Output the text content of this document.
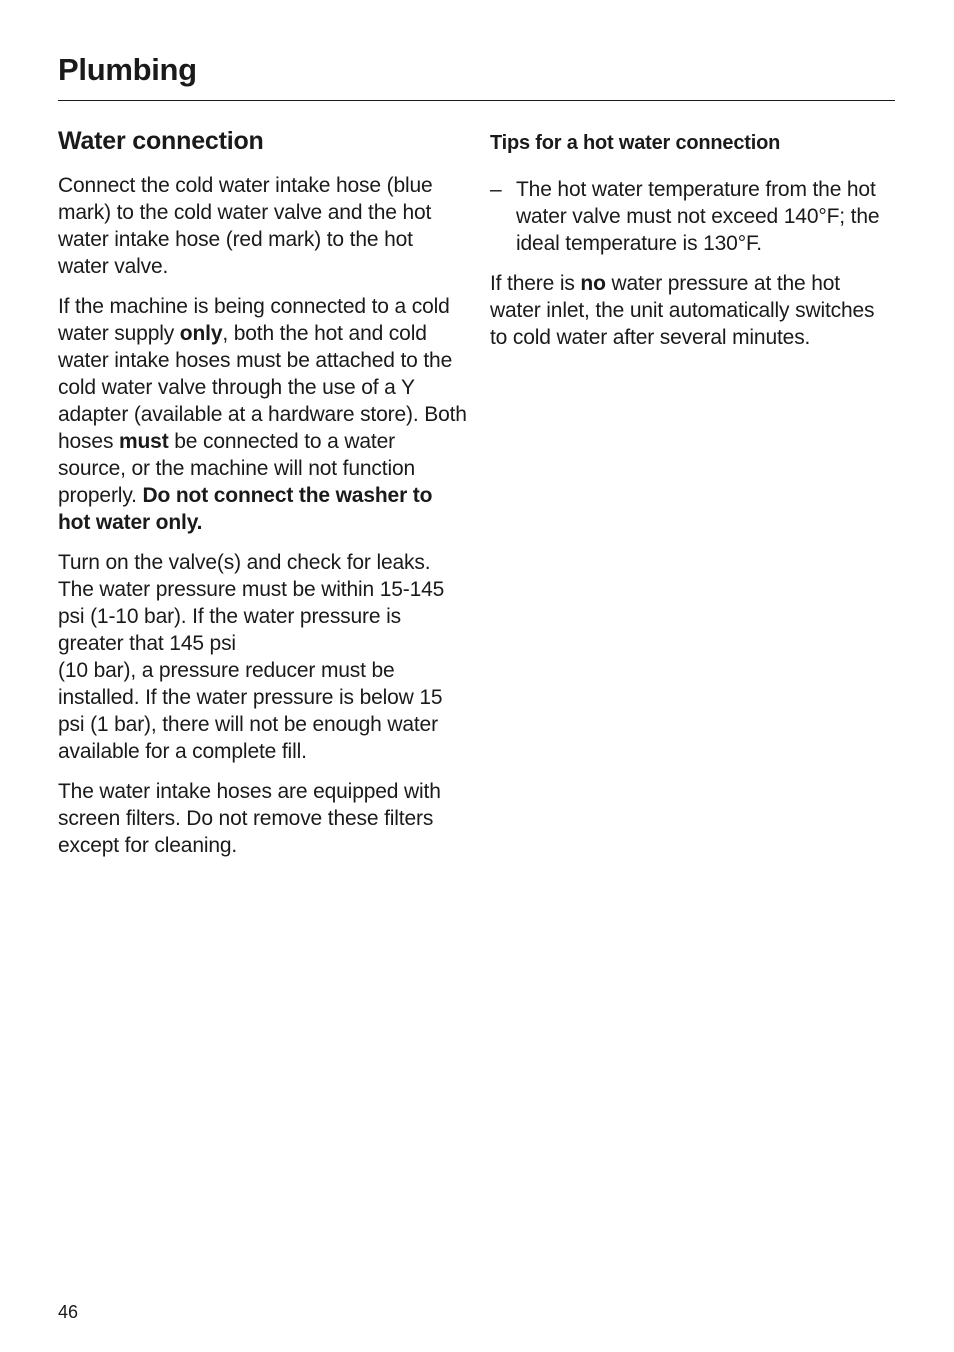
Plumbing
Water connection

Connect the cold water intake hose (blue mark) to the cold water valve and the hot water intake hose (red mark) to the hot water valve.

If the machine is being connected to a cold water supply only, both the hot and cold water intake hoses must be attached to the cold water valve through the use of a Y adapter (available at a hardware store). Both hoses must be connected to a water source, or the machine will not function properly. Do not connect the washer to hot water only.

Turn on the valve(s) and check for leaks. The water pressure must be within 15-145 psi (1-10 bar). If the water pressure is greater that 145 psi
(10 bar), a pressure reducer must be installed. If the water pressure is below 15 psi (1 bar), there will not be enough water available for a complete fill.

The water intake hoses are equipped with screen filters. Do not remove these filters except for cleaning.

Tips for a hot water connection
– The hot water temperature from the hot water valve must not exceed 140°F; the ideal temperature is 130°F.

If there is no water pressure at the hot water inlet, the unit automatically switches to cold water after several minutes.

46
